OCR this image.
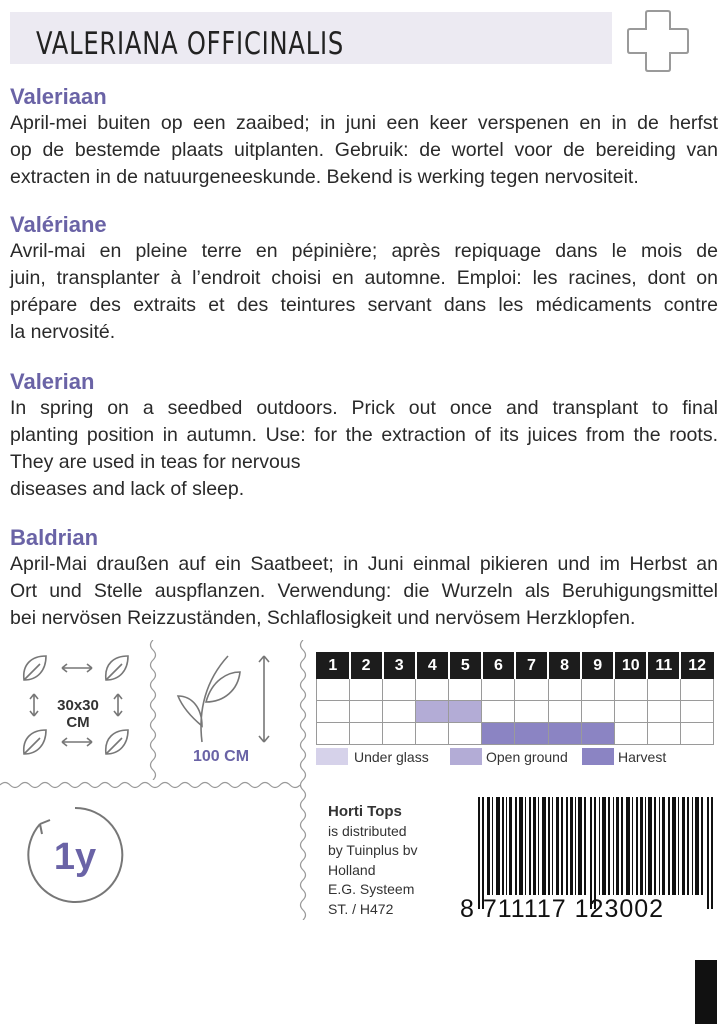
VALERIANA OFFICINALIS
Valeriaan
April-mei buiten op een zaaibed; in juni een keer verspenen en in de herfst
op de bestemde plaats uitplanten. Gebruik: de wortel voor de bereiding van
extracten in de natuurgeneeskunde. Bekend is werking tegen nervositeit.
Valériane
Avril-mai en pleine terre en pépinière; après repiquage dans le mois de
juin, transplanter à l’endroit choisi en automne. Emploi: les racines, dont on
prépare des extraits et des teintures servant dans les médicaments contre
la nervosité.
Valerian
In spring on a seedbed outdoors. Prick out once and transplant to final
planting position in autumn. Use: for the extraction of its juices from the roots.
They are used in teas for nervous
diseases and lack of sleep.
Baldrian
April-Mai draußen auf ein Saatbeet; in Juni einmal pikieren und im Herbst an
Ort und Stelle auspflanzen. Verwendung: die Wurzeln als Beruhigungsmittel
bei nervösen Reizzuständen, Schlaflosigkeit und nervösem Herzklopfen.
30x30
CM
100 CM
1	2	3	4	5	6	7	8	9	10	11	12

Under glass	Open ground	Harvest
1y
Horti Tops
is distributed
by Tuinplus bv
Holland
E.G. Systeem
ST. / H472	8 711117 123002
